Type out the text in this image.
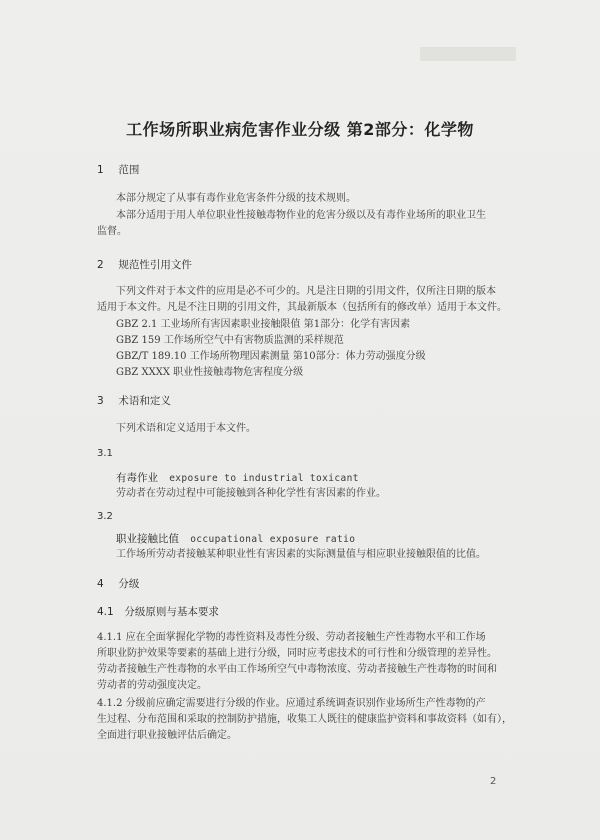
工作场所职业病危害作业分级 第2部分：化学物
1 范围
本部分规定了从事有毒作业危害条件分级的技术规则。
本部分适用于用人单位职业性接触毒物作业的危害分级以及有毒作业场所的职业卫生
监督。
2 规范性引用文件
下列文件对于本文件的应用是必不可少的。凡是注日期的引用文件，仅所注日期的版本
适用于本文件。凡是不注日期的引用文件，其最新版本（包括所有的修改单）适用于本文件。
GBZ 2.1 工业场所有害因素职业接触限值 第1部分：化学有害因素
GBZ 159 工作场所空气中有害物质监测的采样规范
GBZ/T 189.10 工作场所物理因素测量 第10部分：体力劳动强度分级
GBZ XXXX 职业性接触毒物危害程度分级
3 术语和定义
下列术语和定义适用于本文件。
3.1
有毒作业 exposure to industrial toxicant
劳动者在劳动过程中可能接触到各种化学性有害因素的作业。
3.2
职业接触比值 occupational exposure ratio
工作场所劳动者接触某种职业性有害因素的实际测量值与相应职业接触限值的比值。
4 分级
4.1 分级原则与基本要求
4.1.1 应在全面掌握化学物的毒性资料及毒性分级、劳动者接触生产性毒物水平和工作场
所职业防护效果等要素的基础上进行分级，同时应考虑技术的可行性和分级管理的差异性。
劳动者接触生产性毒物的水平由工作场所空气中毒物浓度、劳动者接触生产性毒物的时间和
劳动者的劳动强度决定。
4.1.2 分级前应确定需要进行分级的作业。应通过系统调查识别作业场所生产性毒物的产
生过程、分布范围和采取的控制防护措施，收集工人既往的健康监护资料和事故资料（如有），
全面进行职业接触评估后确定。
2
